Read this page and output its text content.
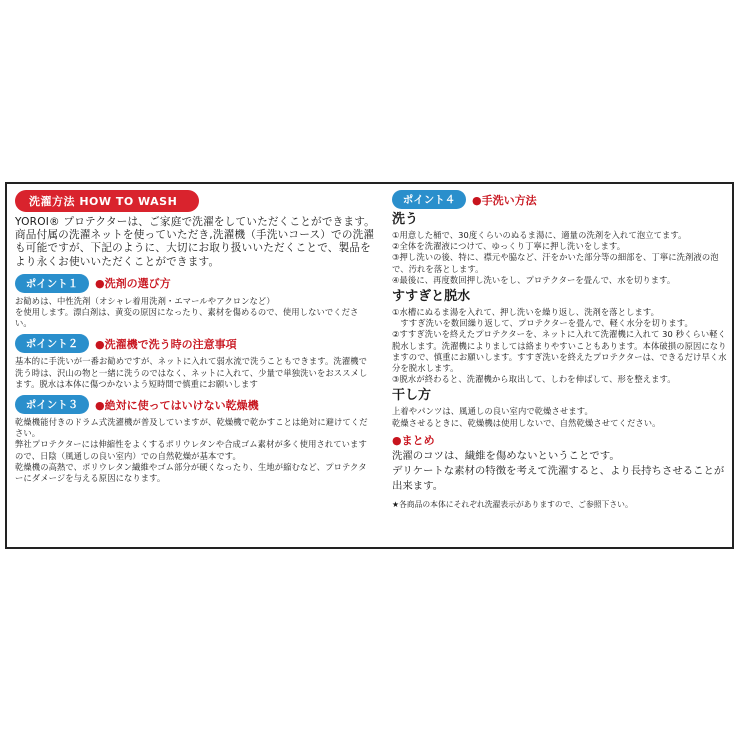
洗濯方法 HOW TO WASH
YOROI® プロテクターは、ご家庭で洗濯をしていただくことができます。商品付属の洗濯ネットを使っていただき,洗濯機（手洗いコース）での洗濯も可能ですが、下記のように、大切にお取り扱いいただくことで、製品をより永くお使いいただくことができます。
ポイント１	●洗剤の選び方

お勧めは、中性洗剤（オシャレ着用洗剤・エマールやアクロンなど）

を使用します。漂白剤は、黄変の原因になったり、素材を傷めるので、使用しないでください。

ポイント２	●洗濯機で洗う時の注意事項

基本的に手洗いが一番お勧めですが、ネットに入れて弱水流で洗うこともできます。洗濯機で洗う時は、沢山の物と一緒に洗うのではなく、ネットに入れて、少量で単独洗いをおススメします。脱水は本体に傷つかないよう短時間で慎重にお願いします

ポイント３	●絶対に使ってはいけない乾燥機

乾燥機能付きのドラム式洗濯機が普及していますが、乾燥機で乾かすことは絶対に避けてください。

弊社プロテクターには伸縮性をよくするポリウレタンや合成ゴム素材が多く使用されていますので、日陰（風通しの良い室内）での自然乾燥が基本です。

乾燥機の高熱で、ポリウレタン繊維やゴム部分が硬くなったり、生地が縮むなど、プロテクターにダメージを与える原因になります。

ポイント４	●手洗い方法
洗う

①用意した桶で、30度くらいのぬるま湯に、適量の洗剤を入れて泡立てます。

②全体を洗濯液につけて、ゆっくり丁寧に押し洗いをします。

③押し洗いの後、特に、襟元や脇など、汗をかいた部分等の細部を、丁寧に洗剤液の泡で、汚れを落とします。

④最後に、再度数回押し洗いをし、プロテクターを畳んで、水を切ります。

すすぎと脱水

①水槽にぬるま湯を入れて、押し洗いを繰り返し、洗剤を落とします。

　すすぎ洗いを数回繰り返して、プロテクターを畳んで、軽く水分を切ります。

②すすぎ洗いを終えたプロテクターを、ネットに入れて洗濯機に入れて 30 秒くらい軽く脱水します。洗濯機によりましては絡まりやすいこともあります。本体破損の原因になりますので、慎重にお願いします。すすぎ洗いを終えたプロテクターは、できるだけ早く水分を脱水します。

③脱水が終わると、洗濯機から取出して、しわを伸ばして、形を整えます。

干し方

上着やパンツは、風通しの良い室内で乾燥させます。

乾燥させるときに、乾燥機は使用しないで、自然乾燥させてください。

●まとめ
洗濯のコツは、繊維を傷めないということです。
デリケートな素材の特徴を考えて洗濯すると、より長持ちさせることが出来ます。
★各商品の本体にそれぞれ洗濯表示がありますので、ご参照下さい。
